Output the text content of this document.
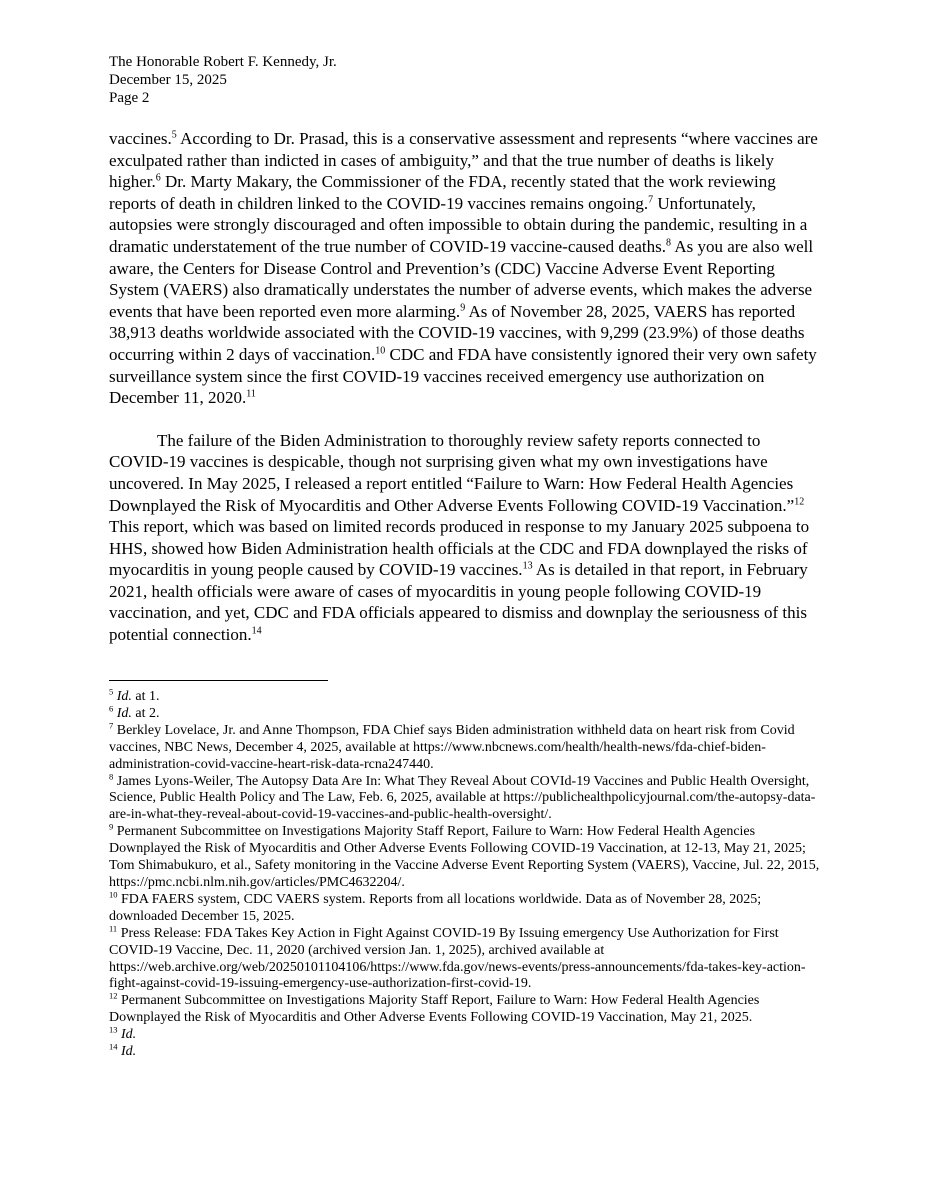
The Honorable Robert F. Kennedy, Jr.
December 15, 2025
Page 2

vaccines.$^5$ According to Dr. Prasad, this is a conservative assessment and represents “where vaccines are exculpated rather than indicted in cases of ambiguity,” and that the true number of deaths is likely higher.$^6$ Dr. Marty Makary, the Commissioner of the FDA, recently stated that the work reviewing reports of death in children linked to the COVID-19 vaccines remains ongoing.$^7$ Unfortunately, autopsies were strongly discouraged and often impossible to obtain during the pandemic, resulting in a dramatic understatement of the true number of COVID-19 vaccine-caused deaths.$^8$ As you are also well aware, the Centers for Disease Control and Prevention’s (CDC) Vaccine Adverse Event Reporting System (VAERS) also dramatically understates the number of adverse events, which makes the adverse events that have been reported even more alarming.$^9$ As of November 28, 2025, VAERS has reported 38,913 deaths worldwide associated with the COVID-19 vaccines, with 9,299 (23.9%) of those deaths occurring within 2 days of vaccination.$^{10}$ CDC and FDA have consistently ignored their very own safety surveillance system since the first COVID-19 vaccines received emergency use authorization on December 11, 2020.11

The failure of the Biden Administration to thoroughly review safety reports connected to COVID-19 vaccines is despicable, though not surprising given what my own investigations have uncovered. In May 2025, I released a report entitled “Failure to Warn: How Federal Health Agencies Downplayed the Risk of Myocarditis and Other Adverse Events Following COVID-19 Vaccination.”$^{12}$ This report, which was based on limited records produced in response to my January 2025 subpoena to HHS, showed how Biden Administration health officials at the CDC and FDA downplayed the risks of myocarditis in young people caused by COVID-19 vaccines.$^{13}$ As is detailed in that report, in February 2021, health officials were aware of cases of myocarditis in young people following COVID-19 vaccination, and yet, CDC and FDA officials appeared to dismiss and downplay the seriousness of this potential connection.$^{14}$

$^5$ Id. at 1.

$^6$ Id. at 2.

$^7$ Berkley Lovelace, Jr. and Anne Thompson, FDA Chief says Biden administration withheld data on heart risk from Covid vaccines, NBC News, December 4, 2025, available at https://www.nbcnews.com/health/health-news/fda-chief-biden-administration-covid-vaccine-heart-risk-data-rcna247440.

$^8$ James Lyons-Weiler, The Autopsy Data Are In: What They Reveal About COVId-19 Vaccines and Public Health Oversight, Science, Public Health Policy and The Law, Feb. 6, 2025, available at https://publichealthpolicyjournal.com/the-autopsy-data-are-in-what-they-reveal-about-covid-19-vaccines-and-public-health-oversight/.

$^9$ Permanent Subcommittee on Investigations Majority Staff Report, Failure to Warn: How Federal Health Agencies Downplayed the Risk of Myocarditis and Other Adverse Events Following COVID-19 Vaccination, at 12-13, May 21, 2025; Tom Shimabukuro, et al., Safety monitoring in the Vaccine Adverse Event Reporting System (VAERS), Vaccine, Jul. 22, 2015, https://pmc.ncbi.nlm.nih.gov/articles/PMC4632204/.

$^{10}$ FDA FAERS system, CDC VAERS system. Reports from all locations worldwide. Data as of November 28, 2025; downloaded December 15, 2025.

$^{11}$ Press Release: FDA Takes Key Action in Fight Against COVID-19 By Issuing emergency Use Authorization for First COVID-19 Vaccine, Dec. 11, 2020 (archived version Jan. 1, 2025), archived available at https://web.archive.org/web/20250101104106/https://www.fda.gov/news-events/press-announcements/fda-takes-key-action-fight-against-covid-19-issuing-emergency-use-authorization-first-covid-19.

$^{12}$ Permanent Subcommittee on Investigations Majority Staff Report, Failure to Warn: How Federal Health Agencies Downplayed the Risk of Myocarditis and Other Adverse Events Following COVID-19 Vaccination, May 21, 2025.

$^{13}$ Id.

$^{14}$ Id.
